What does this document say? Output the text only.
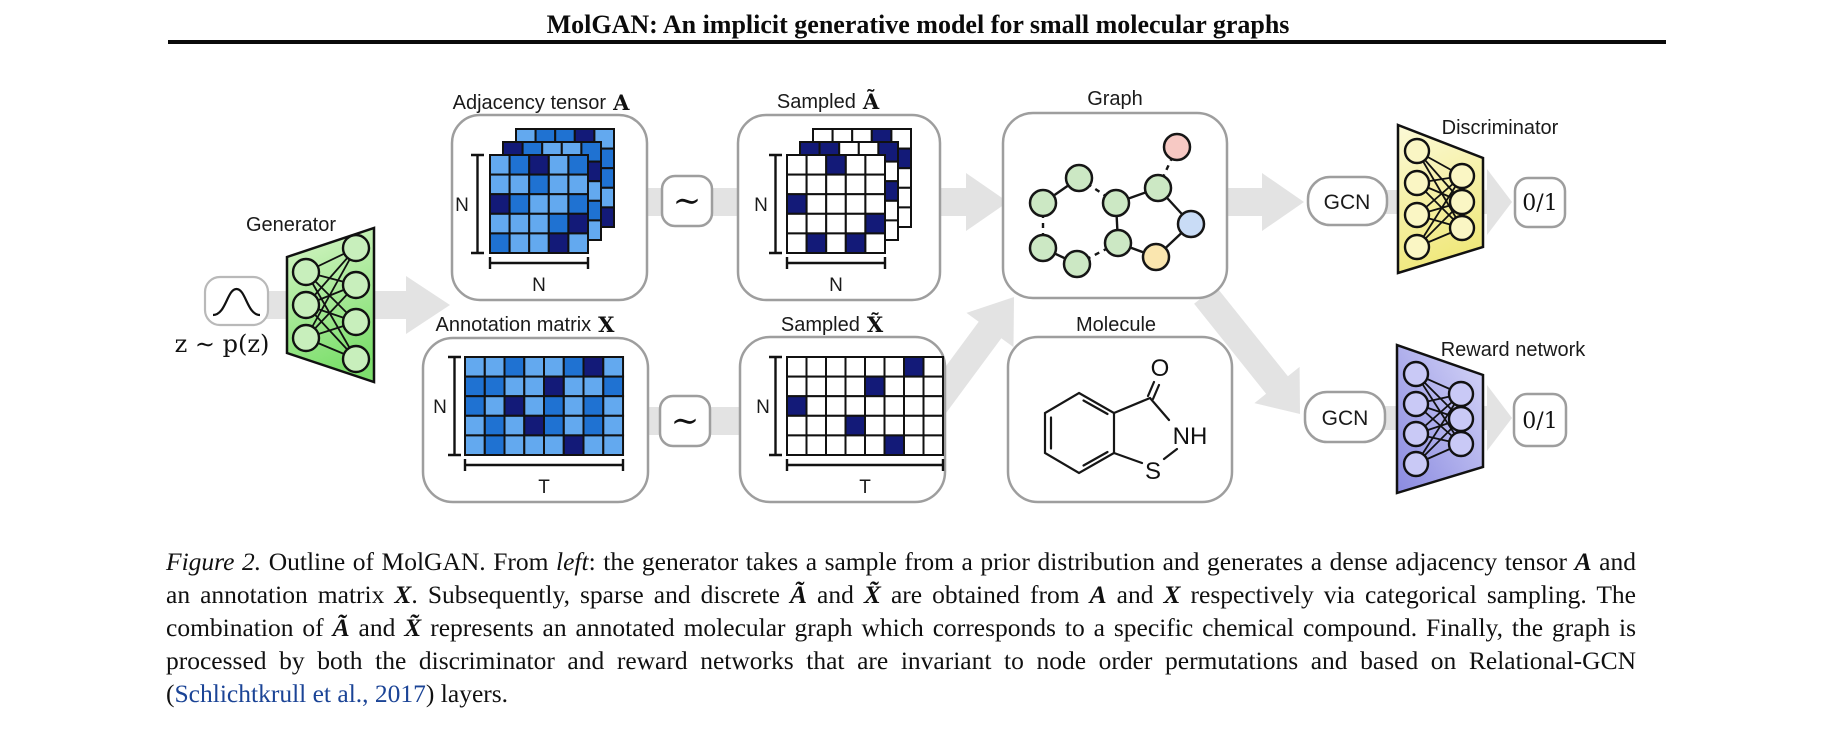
MolGAN: An implicit generative model for small molecular graphs
O
NH
S
Generator
z ∼ p(z)
Adjacency tensor A	Sampled Ã
Annotation matrix X	Sampled X̃
Graph
Molecule
Discriminator
Reward network
∼
∼
GCN
GCN
0/1
0/1
N
N
N
N
N
T
N
T
Figure 2. Outline of MolGAN. From left: the generator takes a sample from a prior distribution and generates a dense adjacency tensor A and an annotation matrix X. Subsequently, sparse and discrete Ã and X̃ are obtained from A and X respectively via categorical sampling. The combination of Ã and X̃ represents an annotated molecular graph which corresponds to a specific chemical compound. Finally, the graph is processed by both the discriminator and reward networks that are invariant to node order permutations and based on Relational-GCN (Schlichtkrull et al., 2017) layers.
